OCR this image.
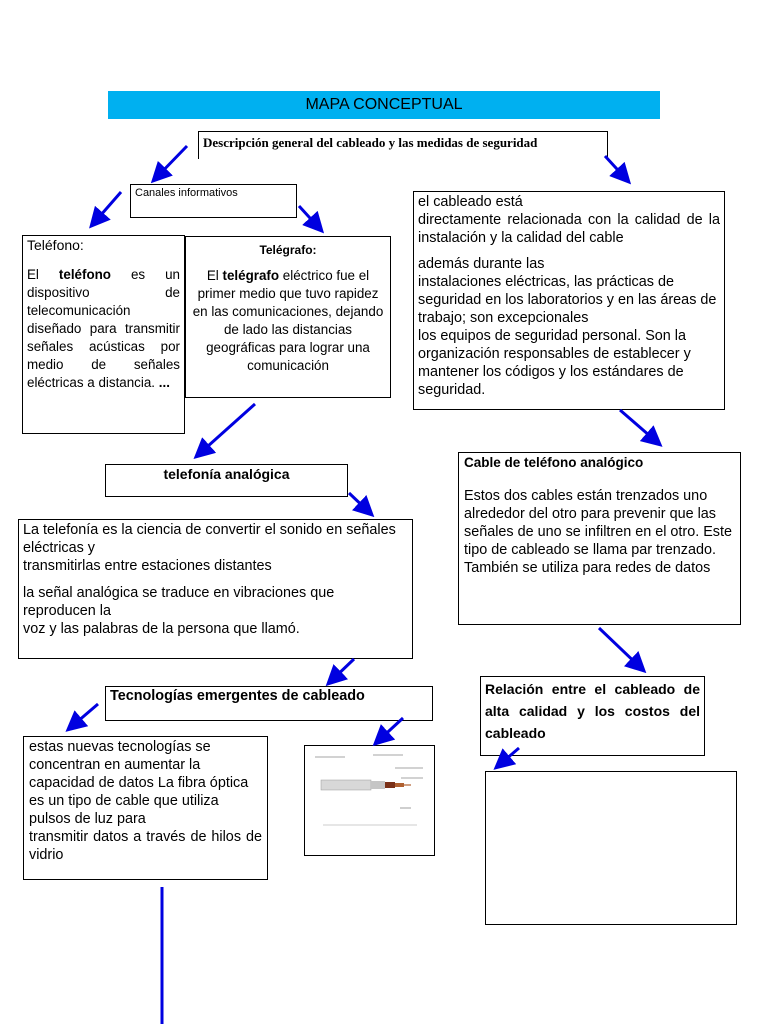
MAPA CONCEPTUAL
Descripción general del cableado y las medidas de seguridad
Canales informativos

Teléfono:

El teléfono es un dispositivo de telecomunicación diseñado para transmitir señales acústicas por medio de señales eléctricas a distancia. ...

Telégrafo:

El telégrafo eléctrico fue el primer medio que tuvo rapidez en las comunicaciones, dejando de lado las distancias geográficas para lograr una comunicación

el cableado está

directamente relacionada con la calidad de la instalación y la calidad del cable

además durante las

instalaciones eléctricas, las prácticas de seguridad en los laboratorios y en las áreas de trabajo; son excepcionales

los equipos de seguridad personal. Son la organización responsables de establecer y mantener los códigos y los estándares de seguridad.

telefonía analógica

La telefonía es la ciencia de convertir el sonido en señales eléctricas y

transmitirlas entre estaciones distantes

la señal analógica se traduce en vibraciones que reproducen la

voz y las palabras de la persona que llamó.

Cable de teléfono analógico

Estos dos cables están trenzados uno alrededor del otro para prevenir que las señales de uno se infiltren en el otro. Este tipo de cableado se llama par trenzado. También se utiliza para redes de datos

Tecnologías emergentes de cableado

estas nuevas tecnologías se concentran en aumentar la capacidad de datos La fibra óptica es un tipo de cable que utiliza pulsos de luz para

transmitir datos a través de hilos de vidrio

Relación entre el cableado de alta calidad y los costos del cableado
